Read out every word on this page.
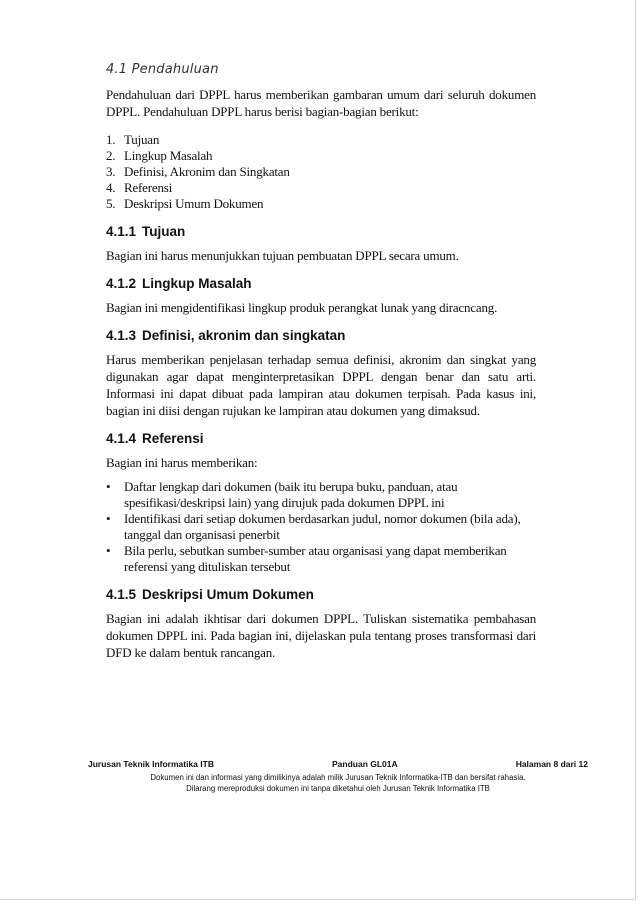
4.1 Pendahuluan

Pendahuluan dari DPPL harus memberikan gambaran umum dari seluruh dokumen DPPL. Pendahuluan DPPL harus berisi bagian-bagian berikut:

1. Tujuan
2. Lingkup Masalah
3. Definisi, Akronim dan Singkatan
4. Referensi
5. Deskripsi Umum Dokumen
4.1.1 Tujuan

Bagian ini harus menunjukkan tujuan pembuatan DPPL secara umum.

4.1.2 Lingkup Masalah

Bagian ini mengidentifikasi lingkup produk perangkat lunak yang diracncang.

4.1.3 Definisi, akronim dan singkatan

Harus memberikan penjelasan terhadap semua definisi, akronim dan singkat yang digunakan agar dapat menginterpretasikan DPPL dengan benar dan satu arti. Informasi ini dapat dibuat pada lampiran atau dokumen terpisah. Pada kasus ini, bagian ini diisi dengan rujukan ke lampiran atau dokumen yang dimaksud.

4.1.4 Referensi

Bagian ini harus memberikan:

• Daftar lengkap dari dokumen (baik itu berupa buku, panduan, atau spesifikasi/deskripsi lain) yang dirujuk pada dokumen DPPL ini
• Identifikasi dari setiap dokumen berdasarkan judul, nomor dokumen (bila ada), tanggal dan organisasi penerbit
• Bila perlu, sebutkan sumber-sumber atau organisasi yang dapat memberikan referensi yang dituliskan tersebut
4.1.5 Deskripsi Umum Dokumen

Bagian ini adalah ikhtisar dari dokumen DPPL. Tuliskan sistematika pembahasan dokumen DPPL ini. Pada bagian ini, dijelaskan pula tentang proses transformasi dari DFD ke dalam bentuk rancangan.

Jurusan Teknik Informatika ITB	Panduan GL01A	Halaman 8 dari 12
Dokumen ini dan informasi yang dimilikinya adalah milik Jurusan Teknik Informatika-ITB dan bersifat rahasia.
Dilarang mereproduksi dokumen ini tanpa diketahui oleh Jurusan Teknik Informatika ITB
